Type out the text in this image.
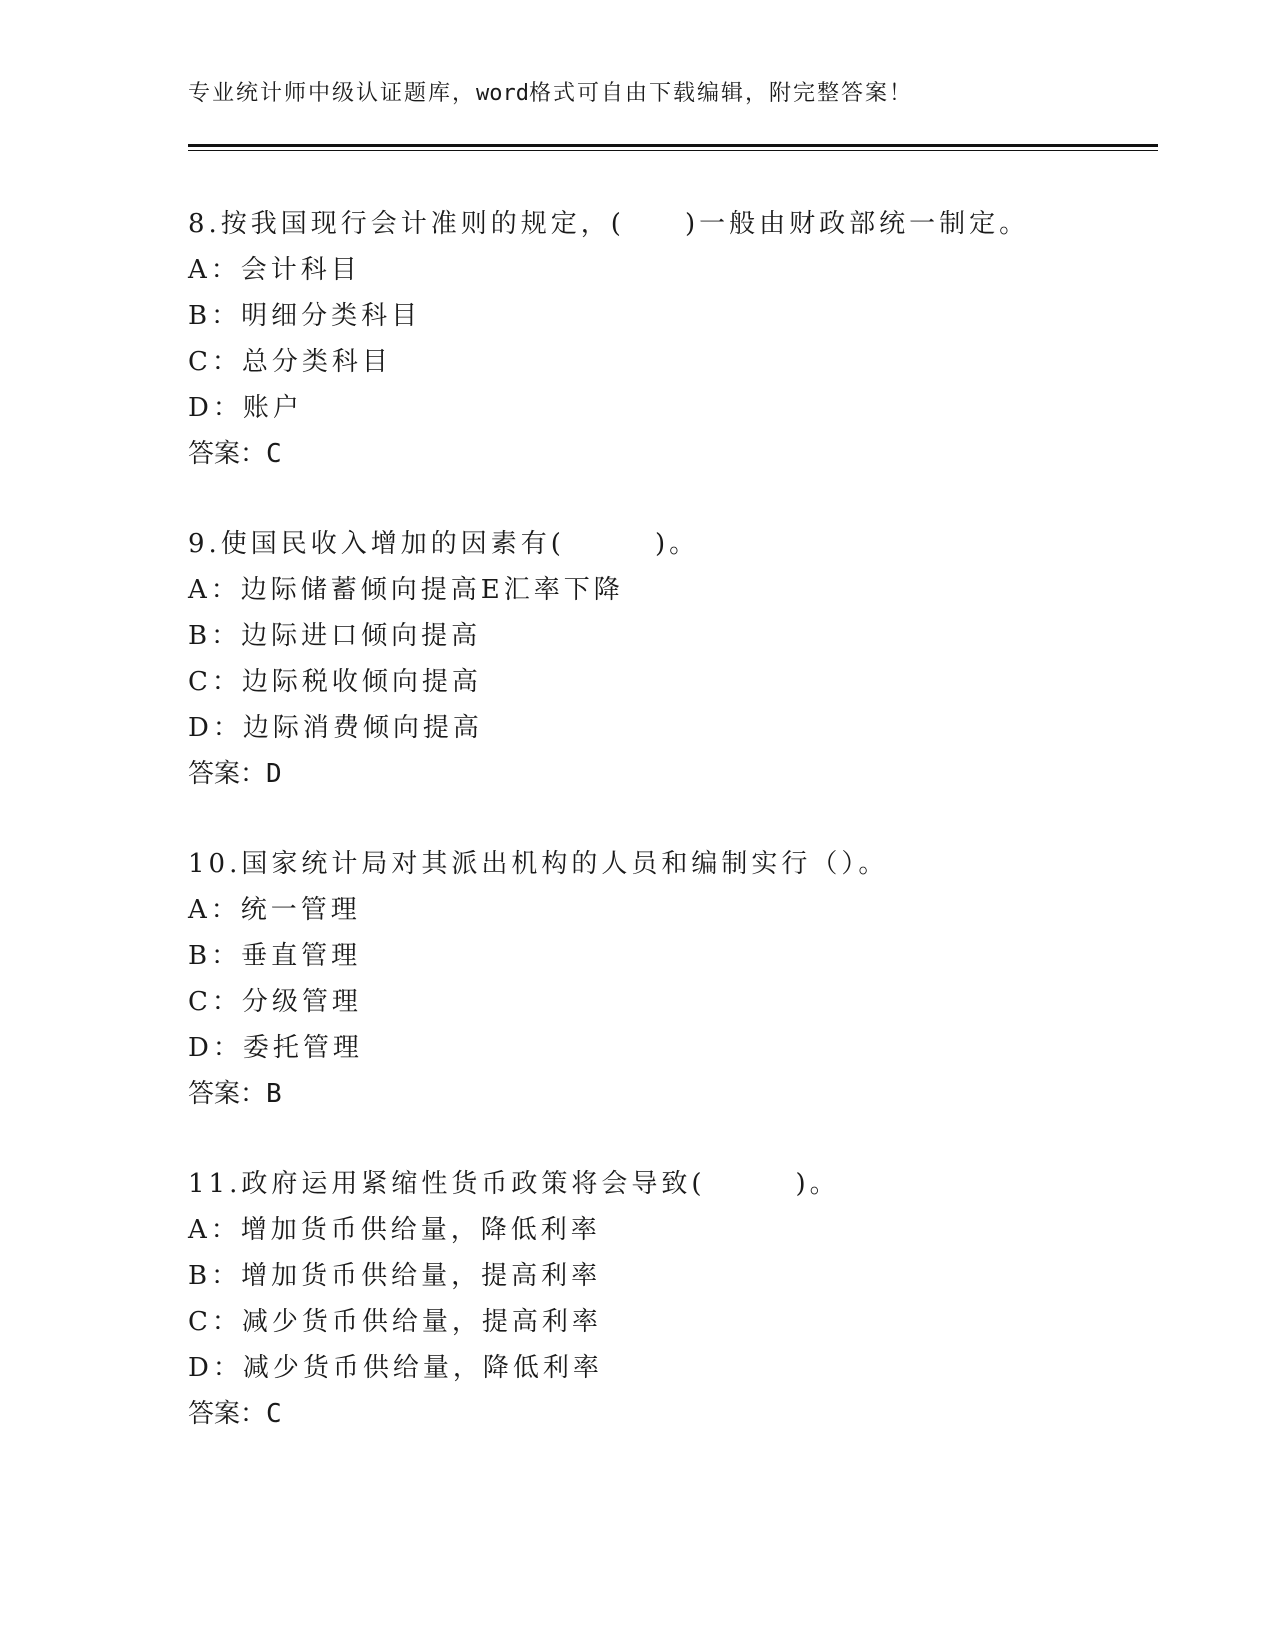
专业统计师中级认证题库，word格式可自由下载编辑，附完整答案！
8.按我国现行会计准则的规定，(　　)一般由财政部统一制定。
A：会计科目
B：明细分类科目
C：总分类科目
D：账户
答案：C
9.使国民收入增加的因素有(　　　)。
A：边际储蓄倾向提高E汇率下降
B：边际进口倾向提高
C：边际税收倾向提高
D：边际消费倾向提高
答案：D
10.国家统计局对其派出机构的人员和编制实行（）。
A：统一管理
B：垂直管理
C：分级管理
D：委托管理
答案：B
11.政府运用紧缩性货币政策将会导致(　　　)。
A：增加货币供给量，降低利率
B：增加货币供给量，提高利率
C：减少货币供给量，提高利率
D：减少货币供给量，降低利率
答案：C
